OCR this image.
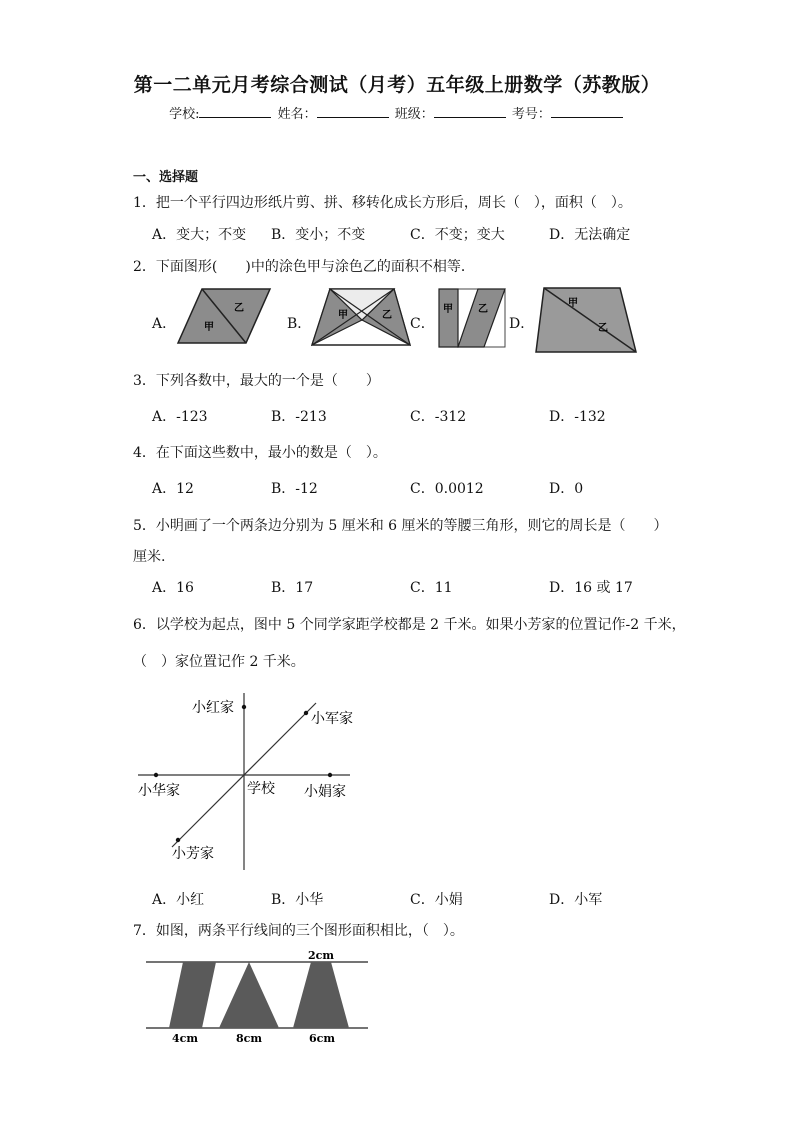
第一二单元月考综合测试（月考）五年级上册数学（苏教版）
学校:	姓名：	班级：	考号：
一、选择题
1．把一个平行四边形纸片剪、拼、移转化成长方形后，周长（　），面积（　）。
A．变大；不变 B．变小；不变	C．不变；变大	D．无法确定
2．下面图形(　　)中的涂色甲与涂色乙的面积不相等．
A．	B．	C．	D．
甲
乙
甲	乙
甲	乙
甲
乙
3．下列各数中，最大的一个是（　　）
A．-123	B．-213	C．-312	D．-132
4．在下面这些数中，最小的数是（　）。
A．12	B．-12	C．0.0012	D．0
5．小明画了一个两条边分别为 5 厘米和 6 厘米的等腰三角形，则它的周长是（　　）
厘米.
A．16	B．17	C．11	D．16 或 17
6．以学校为起点，图中 5 个同学家距学校都是 2 千米。如果小芳家的位置记作-2 千米，
（　）家位置记作 2 千米。
小红家
小军家
小华家	学校 小娟家
小芳家
A．小红	B．小华	C．小娟	D．小军
7．如图，两条平行线间的三个图形面积相比，（　）。
2cm
4cm	8cm	6cm
